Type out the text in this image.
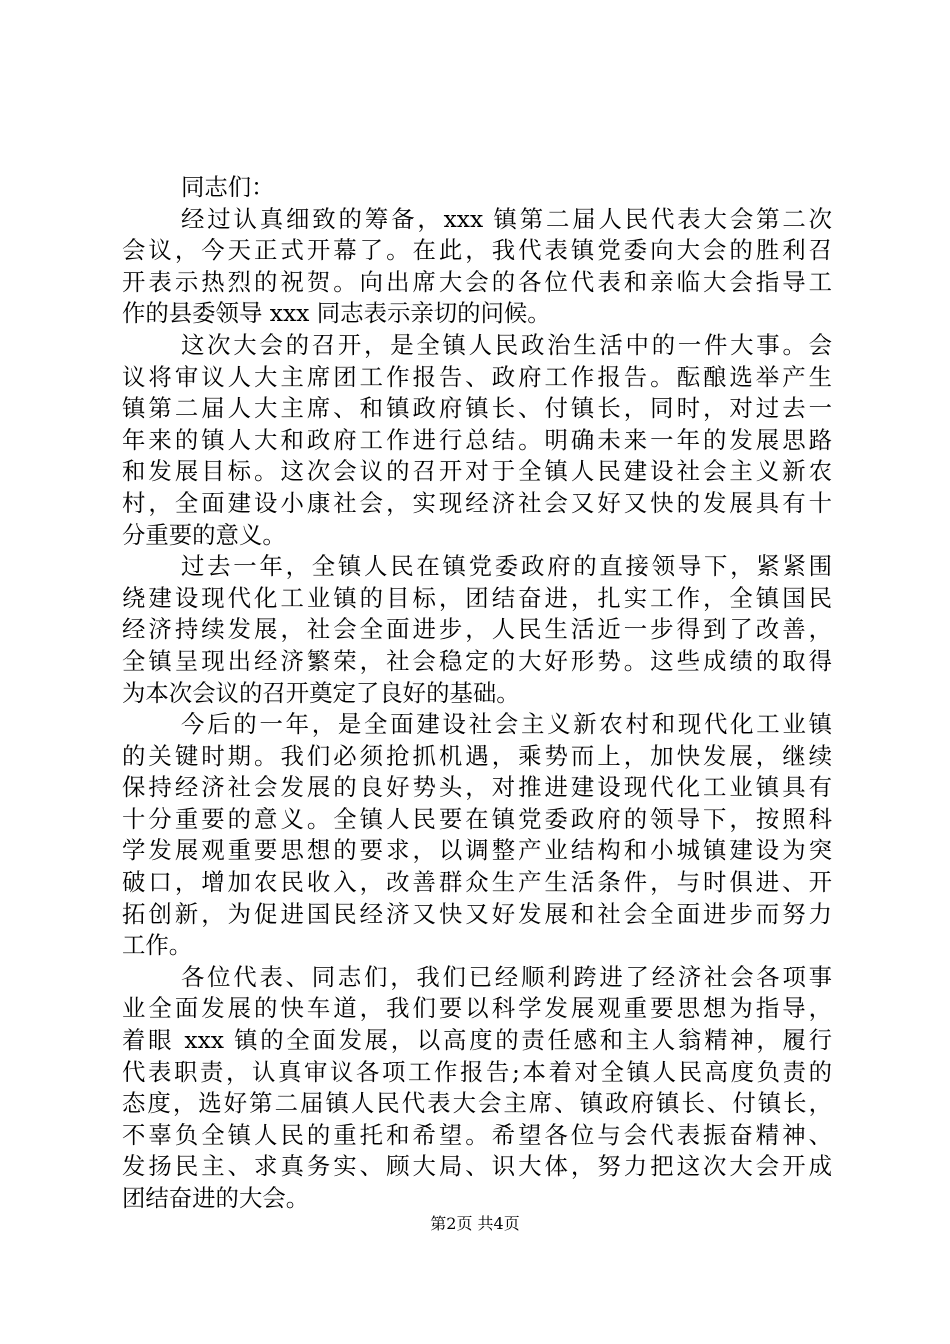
同志们：
经过认真细致的筹备，xxx 镇第二届人民代表大会第二次
会议，今天正式开幕了。在此，我代表镇党委向大会的胜利召
开表示热烈的祝贺。向出席大会的各位代表和亲临大会指导工
作的县委领导 xxx 同志表示亲切的问候。
这次大会的召开，是全镇人民政治生活中的一件大事。会
议将审议人大主席团工作报告、政府工作报告。酝酿选举产生
镇第二届人大主席、和镇政府镇长、付镇长，同时，对过去一
年来的镇人大和政府工作进行总结。明确未来一年的发展思路
和发展目标。这次会议的召开对于全镇人民建设社会主义新农
村，全面建设小康社会，实现经济社会又好又快的发展具有十
分重要的意义。
过去一年，全镇人民在镇党委政府的直接领导下，紧紧围
绕建设现代化工业镇的目标，团结奋进，扎实工作，全镇国民
经济持续发展，社会全面进步，人民生活近一步得到了改善，
全镇呈现出经济繁荣，社会稳定的大好形势。这些成绩的取得
为本次会议的召开奠定了良好的基础。
今后的一年，是全面建设社会主义新农村和现代化工业镇
的关键时期。我们必须抢抓机遇，乘势而上，加快发展，继续
保持经济社会发展的良好势头，对推进建设现代化工业镇具有
十分重要的意义。全镇人民要在镇党委政府的领导下，按照科
学发展观重要思想的要求，以调整产业结构和小城镇建设为突
破口，增加农民收入，改善群众生产生活条件，与时俱进、开
拓创新，为促进国民经济又快又好发展和社会全面进步而努力
工作。
各位代表、同志们，我们已经顺利跨进了经济社会各项事
业全面发展的快车道，我们要以科学发展观重要思想为指导，
着眼 xxx 镇的全面发展，以高度的责任感和主人翁精神，履行
代表职责，认真审议各项工作报告;本着对全镇人民高度负责的
态度，选好第二届镇人民代表大会主席、镇政府镇长、付镇长，
不辜负全镇人民的重托和希望。希望各位与会代表振奋精神、
发扬民主、求真务实、顾大局、识大体，努力把这次大会开成
团结奋进的大会。
第2页 共4页
